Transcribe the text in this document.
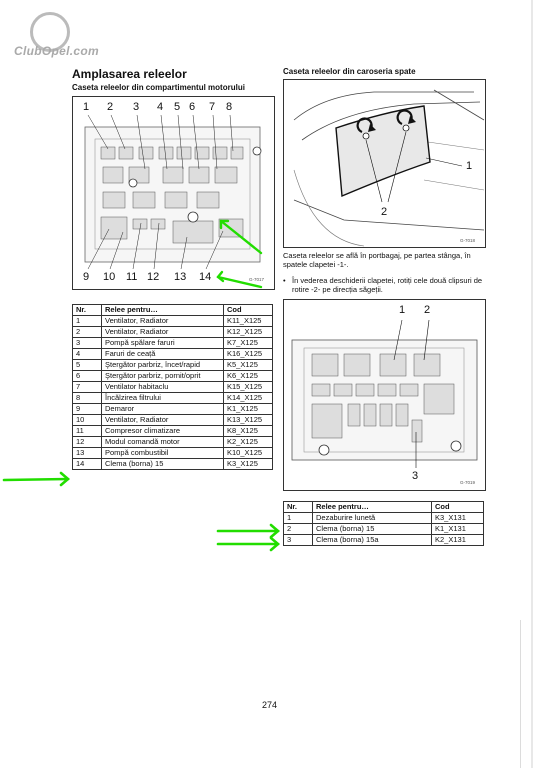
ClubOpel.com
Amplasarea releelor
Caseta releelor din compartimentul motorului
Caseta releelor din caroseria spate
1 2 3 4 5 6 7 8
9 10 11 12 13 14	G-7017
1
2
G-7018
Caseta releelor se află în portbagaj, pe partea stânga, în spatele clapetei -1-.
• În vederea deschiderii clapetei, rotiți cele două clipsuri de rotire -2- pe direcția săgeții.
1 2
3
G-7019
Nr.	Relee pentru…	Cod
1	Ventilator, Radiator	K11_X125
2	Ventilator, Radiator	K12_X125
3	Pompă spălare faruri	K7_X125
4	Faruri de ceață	K16_X125
5	Ştergător parbriz, încet/rapid	K5_X125
6	Ştergător parbriz, pornit/oprit	K6_X125
7	Ventilator habitaclu	K15_X125
8	Încălzirea filtrului	K14_X125
9	Demaror	K1_X125
10	Ventilator, Radiator	K13_X125
11	Compresor climatizare	K8_X125
12	Modul comandă motor	K2_X125
13	Pompă combustibil	K10_X125
14	Clema (borna) 15	K3_X125
Nr.	Relee pentru…	Cod
1	Dezaburire lunetă	K3_X131
2	Clema (borna) 15	K1_X131
3	Clema (borna) 15a	K2_X131
274
